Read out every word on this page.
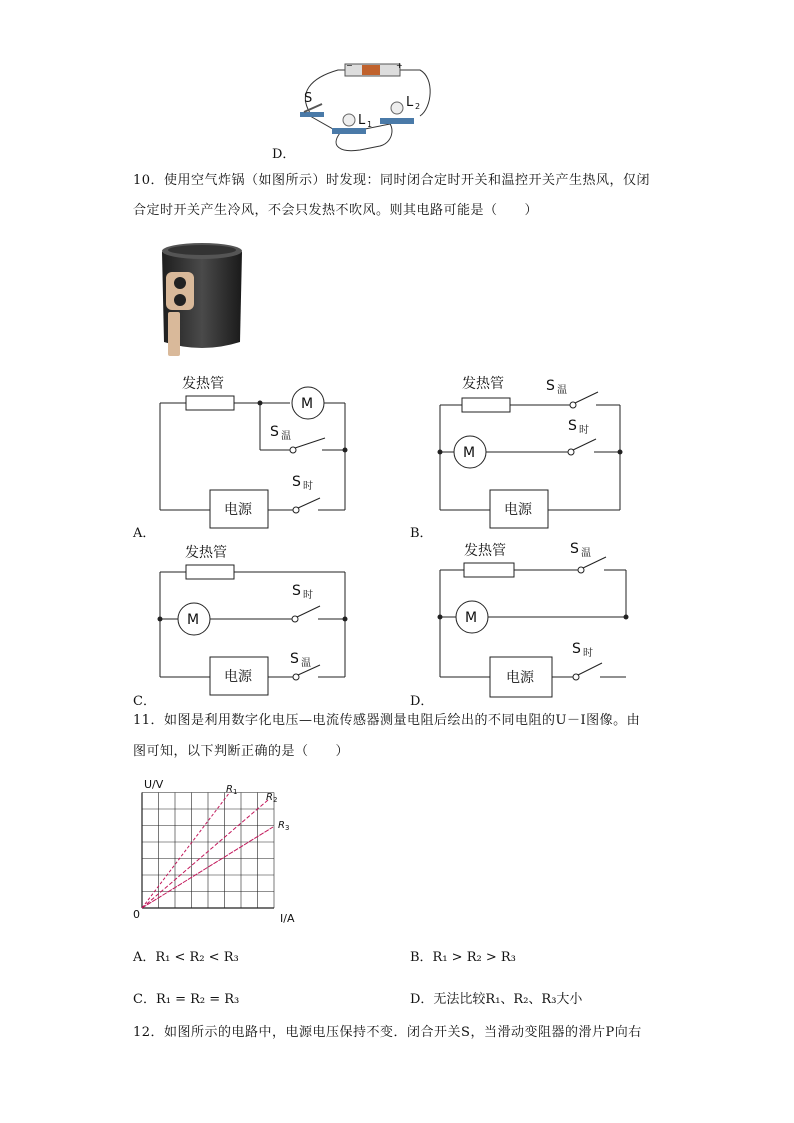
−	+
S
L 1
L 2
D．
10．使用空气炸锅（如图所示）时发现：同时闭合定时开关和温控开关产生热风，仅闭
合定时开关产生冷风，不会只发热不吹风。则其电路可能是（　　）
发热管
M
S 温
电源
S 时
A．
发热管	S 温
M
S 时
电源
B．
发热管
M
S 时
电源
S 温
C．
发热管	S 温
M
电源
S 时
D．
11．如图是利用数字化电压—电流传感器测量电阻后绘出的不同电阻的U－I图像。由
图可知，以下判断正确的是（　　）
U/V
I/A
0
R 1	R 2
R 3
A．R₁ < R₂ < R₃	B．R₁ > R₂ > R₃
C．R₁ = R₂ = R₃	D．无法比较R₁、R₂、R₃大小
12．如图所示的电路中，电源电压保持不变．闭合开关S，当滑动变阻器的滑片P向右
